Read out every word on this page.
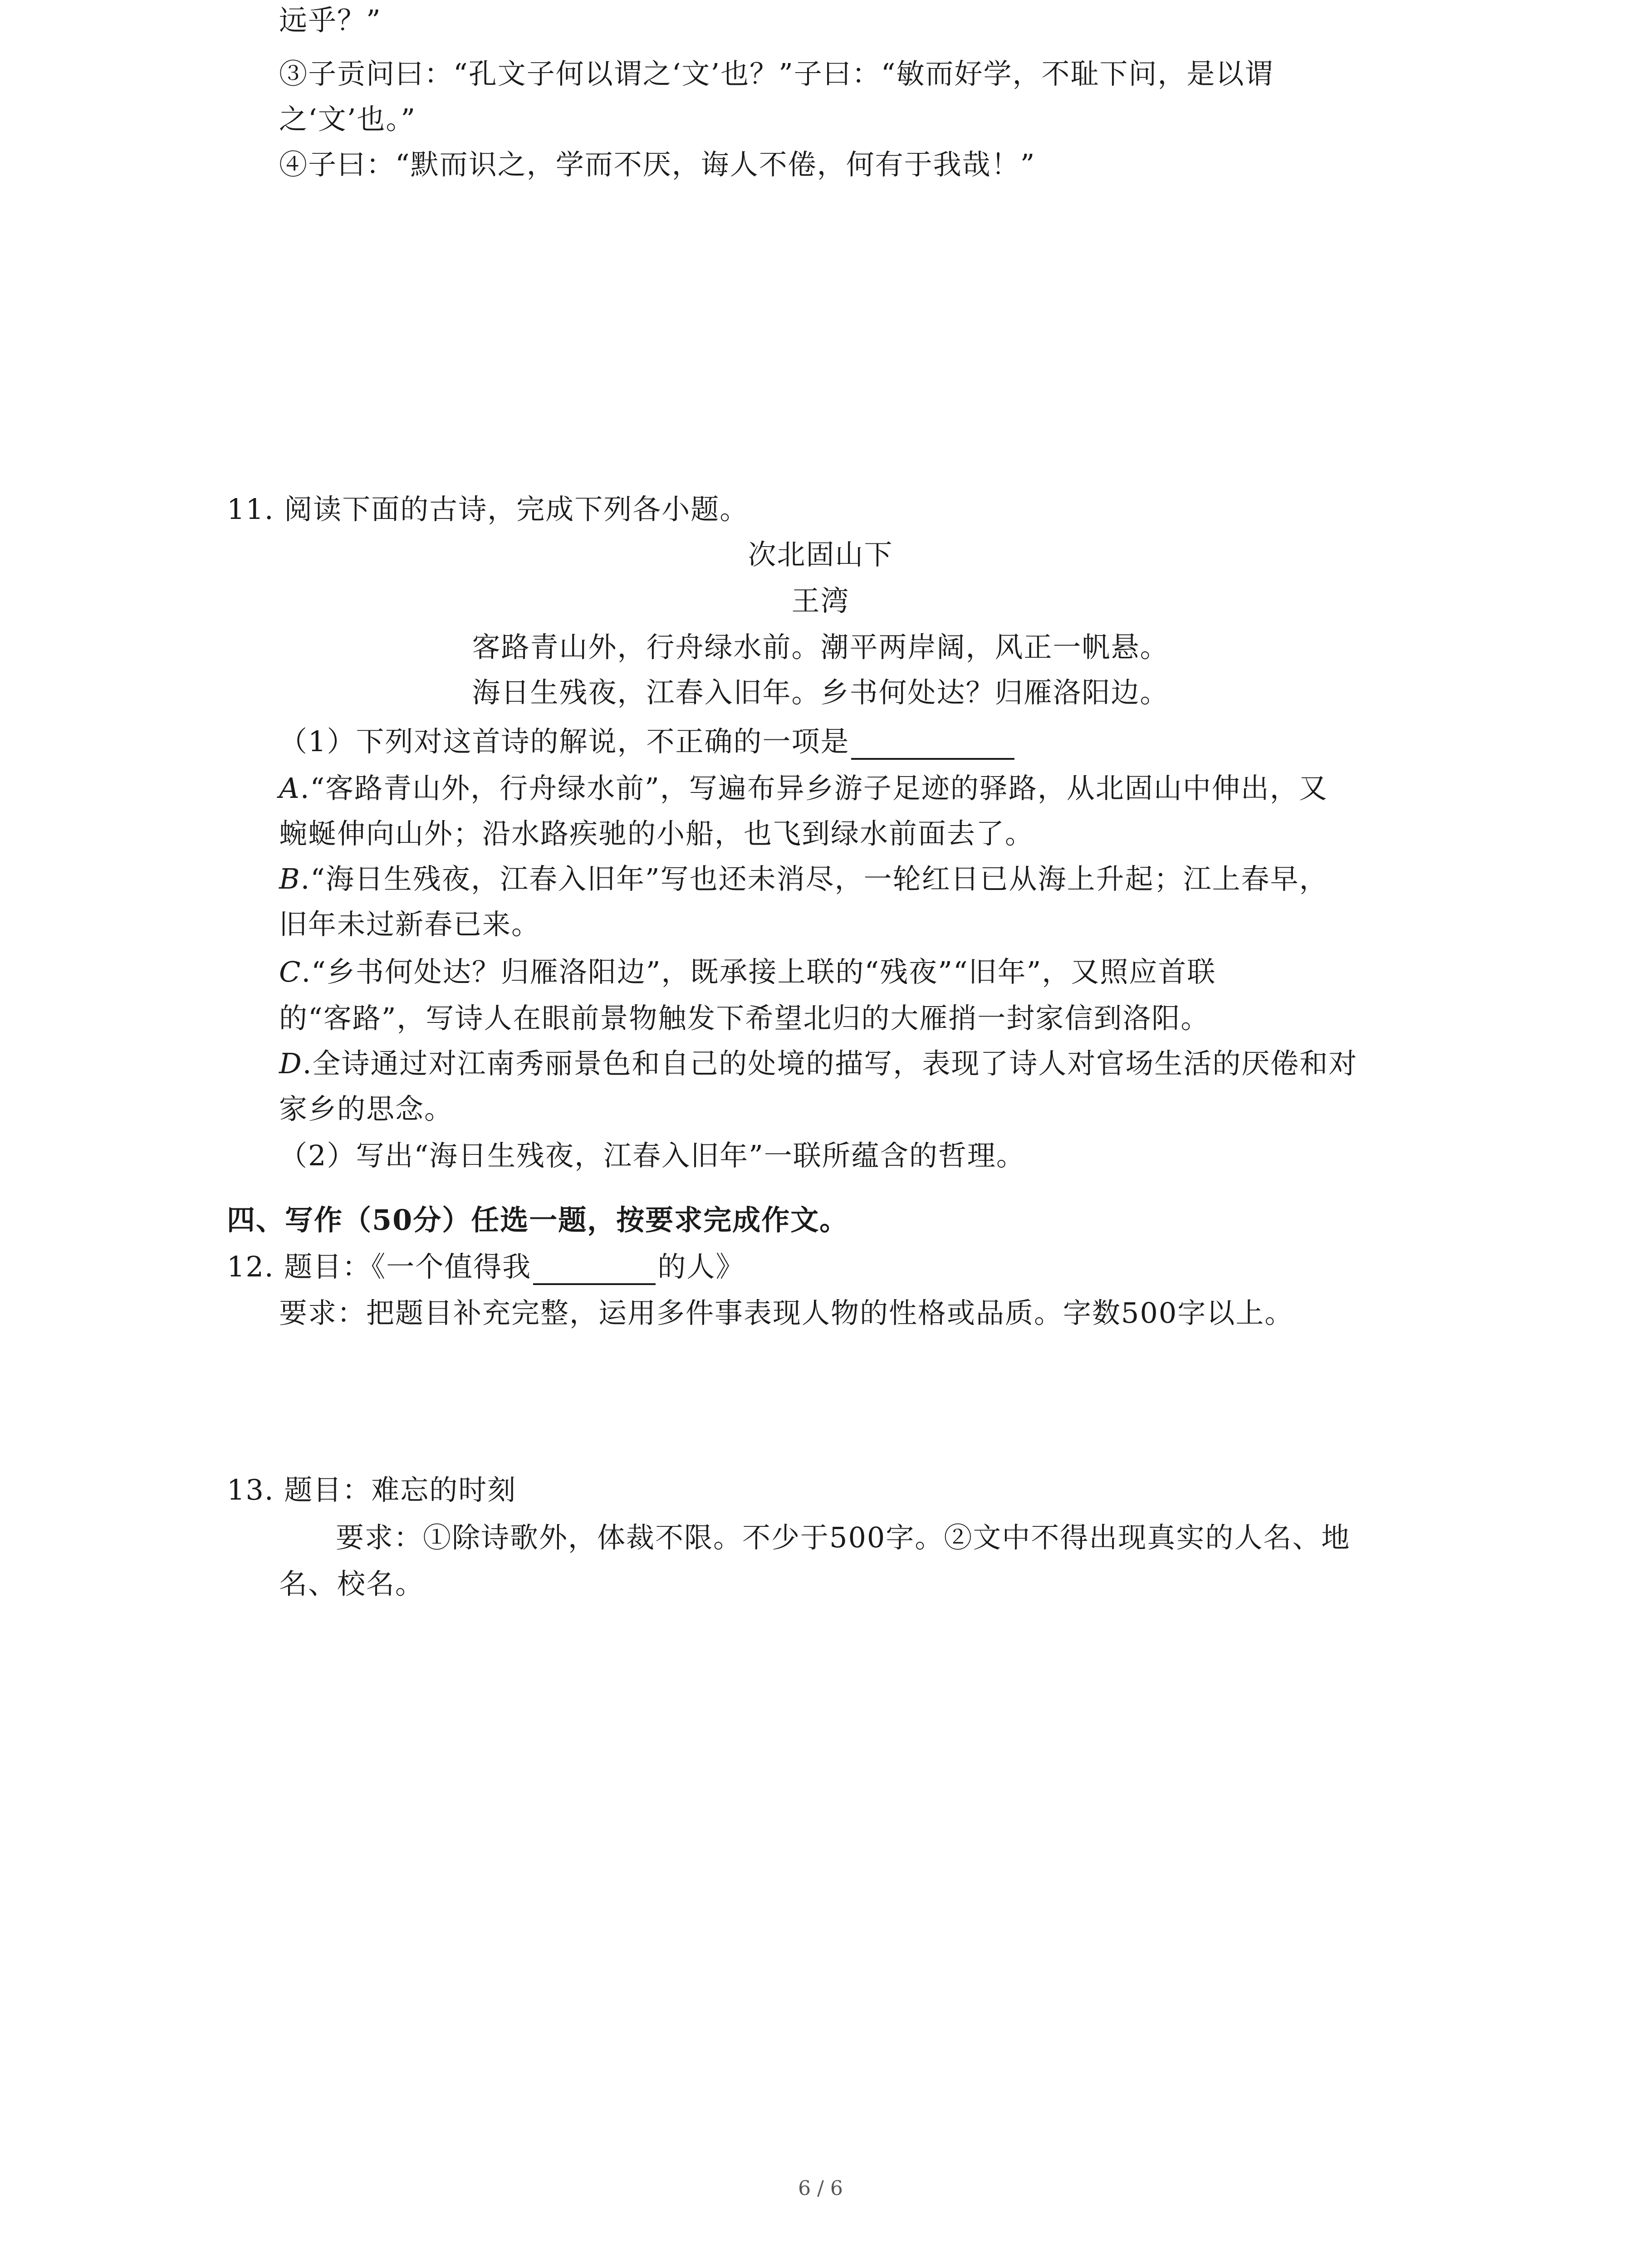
远乎？”
③子贡问曰：“孔文子何以谓之‘文’也？”子曰：“敏而好学，不耻下问，是以谓
之‘文’也。”
④子曰：“默而识之，学而不厌，诲人不倦，何有于我哉！”
11. 阅读下面的古诗，完成下列各小题。
次北固山下
王湾
客路青山外，行舟绿水前。潮平两岸阔，风正一帆悬。
海日生残夜，江春入旧年。乡书何处达？归雁洛阳边。
（1）下列对这首诗的解说，不正确的一项是
A.“客路青山外，行舟绿水前”，写遍布异乡游子足迹的驿路，从北固山中伸出，又
蜿蜒伸向山外；沿水路疾驰的小船，也飞到绿水前面去了。
B.“海日生残夜，江春入旧年”写也还未消尽，一轮红日已从海上升起；江上春早，
旧年未过新春已来。
C.“乡书何处达？归雁洛阳边”，既承接上联的“残夜”“旧年”，又照应首联
的“客路”，写诗人在眼前景物触发下希望北归的大雁捎一封家信到洛阳。
D.全诗通过对江南秀丽景色和自己的处境的描写，表现了诗人对官场生活的厌倦和对
家乡的思念。
（2）写出“海日生残夜，江春入旧年”一联所蕴含的哲理。
四、写作（50分）任选一题，按要求完成作文。
12. 题目：《一个值得我	的人》
要求：把题目补充完整，运用多件事表现人物的性格或品质。字数500字以上。
13. 题目：难忘的时刻
要求：①除诗歌外，体裁不限。不少于500字。②文中不得出现真实的人名、地
名、校名。
6 / 6
